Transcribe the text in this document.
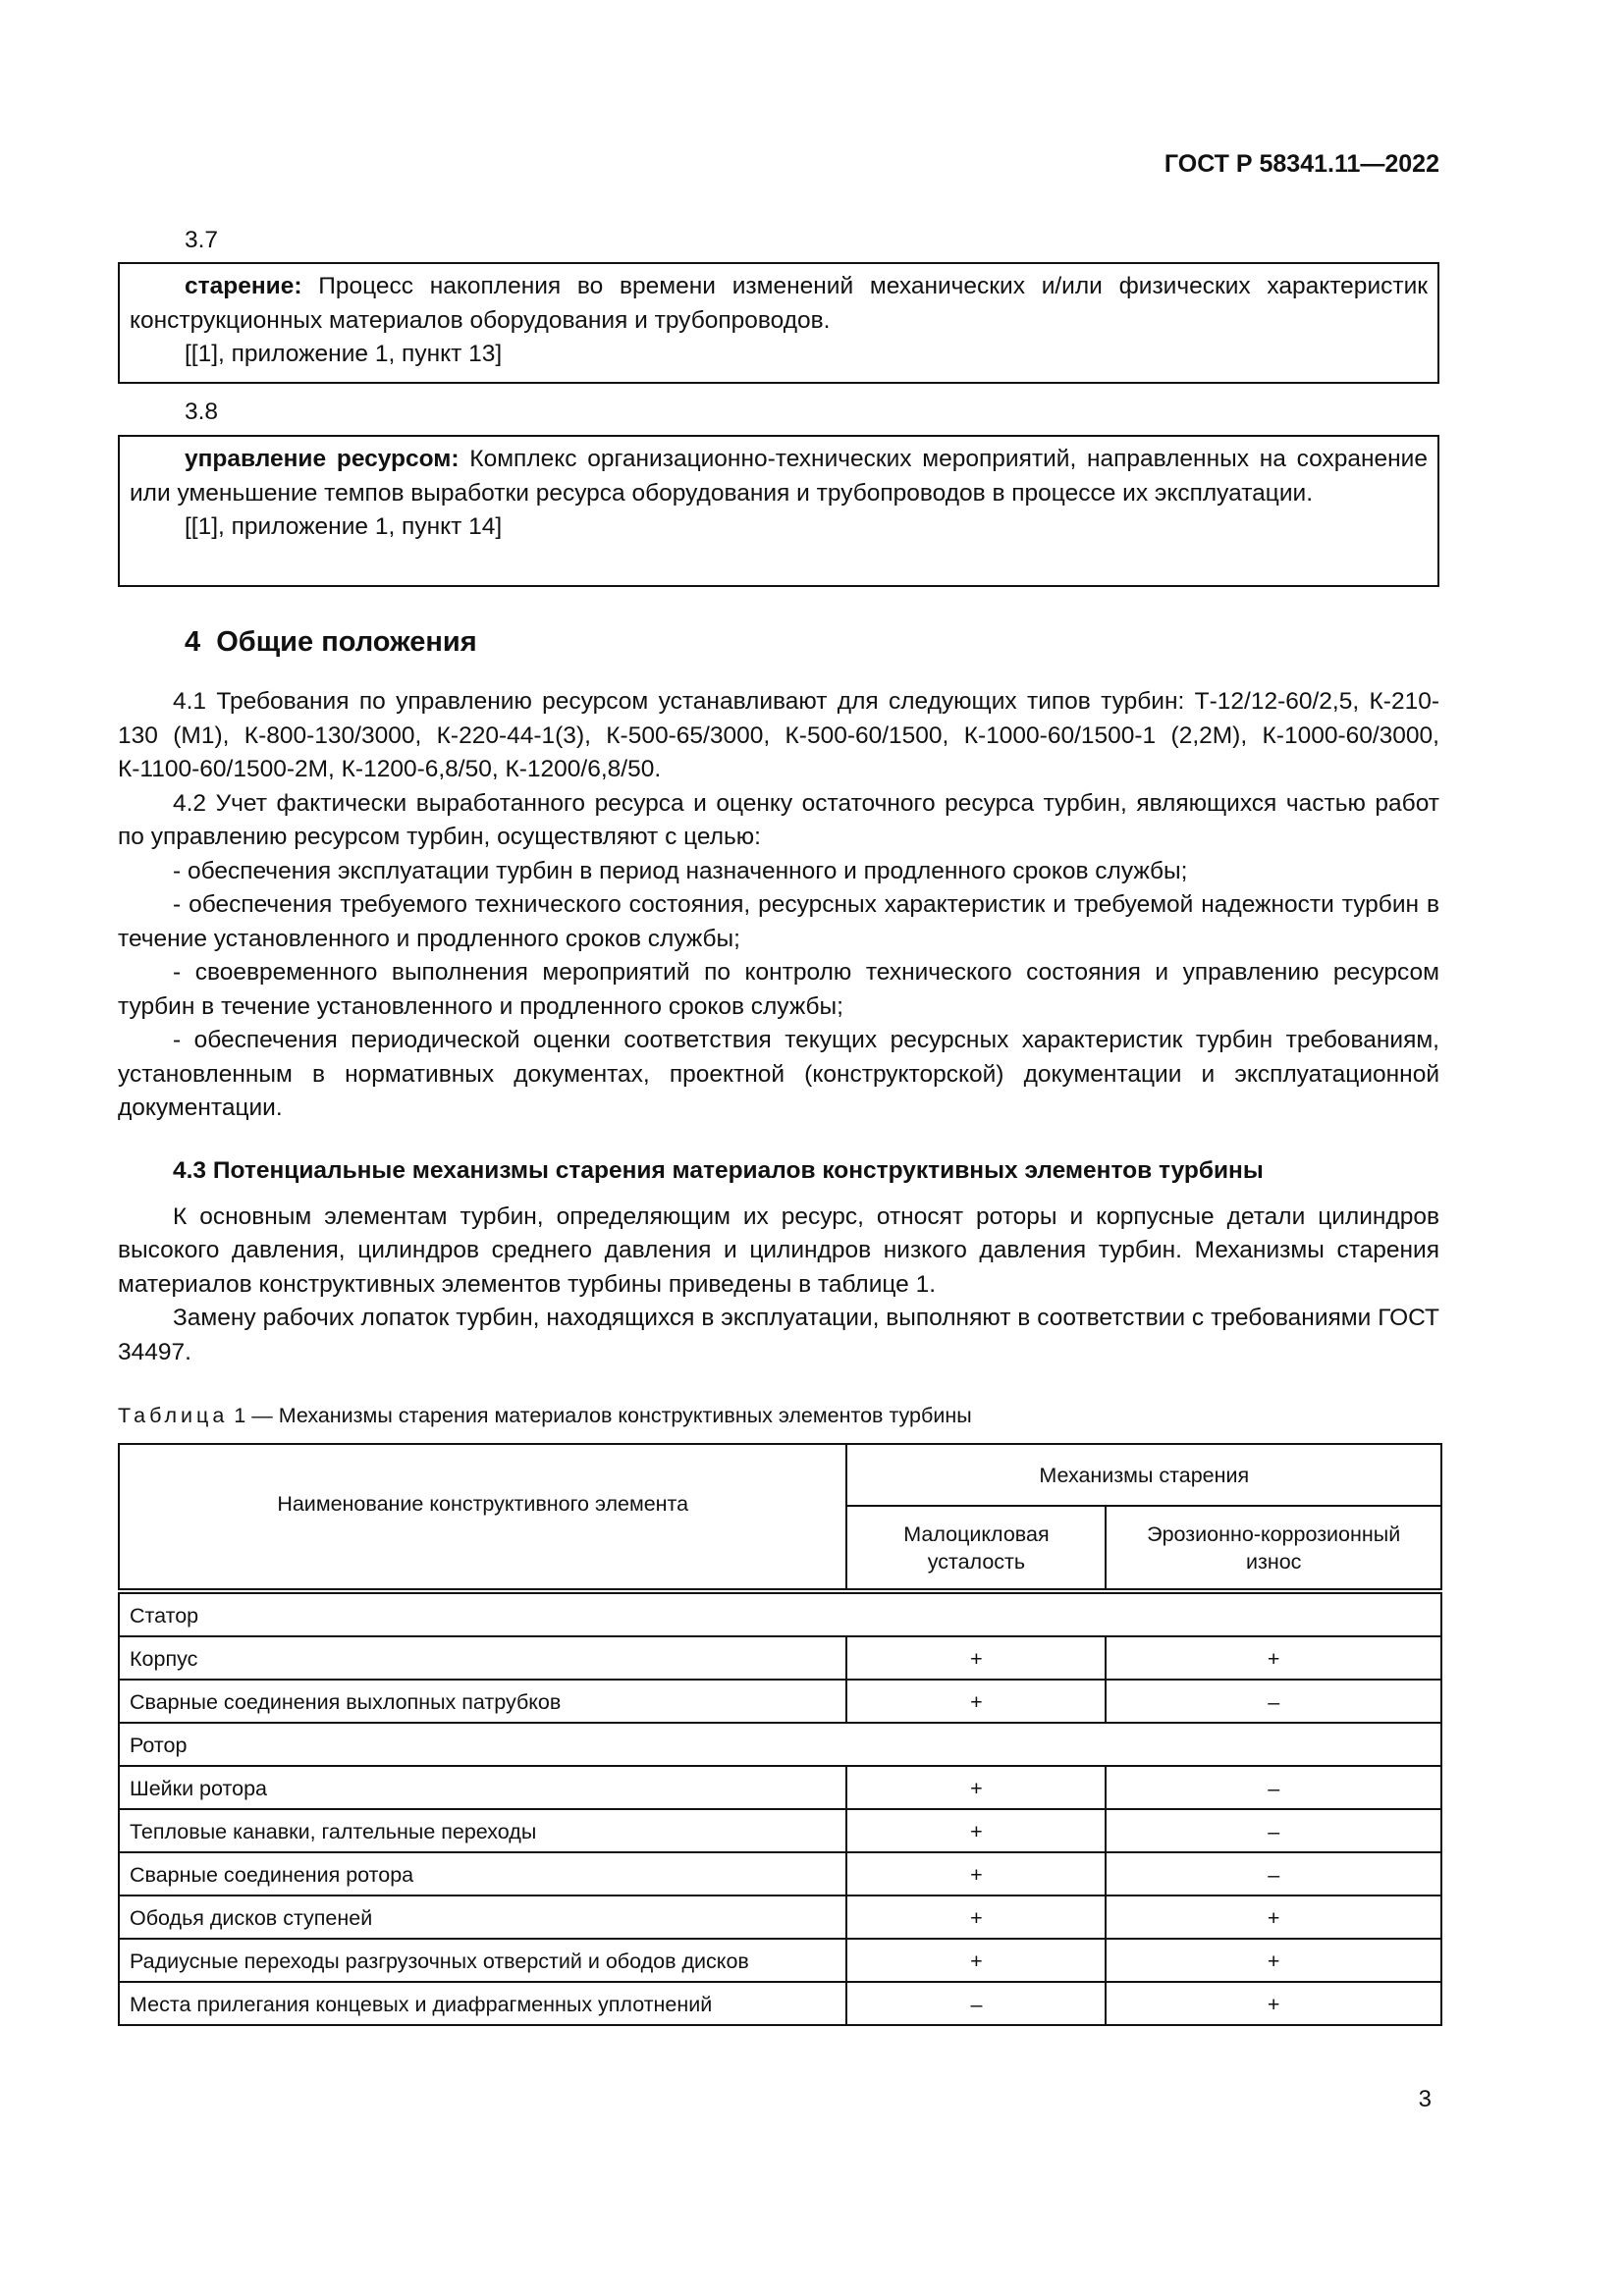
ГОСТ Р 58341.11—2022
3.7

старение: Процесс накопления во времени изменений механических и/или физических характеристик конструкционных материалов оборудования и трубопроводов.

[[1], приложение 1, пункт 13]

3.8

управление ресурсом: Комплекс организационно-технических мероприятий, направленных на сохранение или уменьшение темпов выработки ресурса оборудования и трубопроводов в процессе их эксплуатации.

[[1], приложение 1, пункт 14]

4  Общие положения

4.1 Требования по управлению ресурсом устанавливают для следующих типов турбин: Т-12/12-60/2,5, К-210-130 (М1), К-800-130/3000, К-220-44-1(3), К-500-65/3000, К-500-60/1500, К-1000-60/1500-1 (2,2М), К-1000-60/3000, К-1100-60/1500-2М, К-1200-6,8/50, К-1200/6,8/50.

4.2 Учет фактически выработанного ресурса и оценку остаточного ресурса турбин, являющихся частью работ по управлению ресурсом турбин, осуществляют с целью:

- обеспечения эксплуатации турбин в период назначенного и продленного сроков службы;

- обеспечения требуемого технического состояния, ресурсных характеристик и требуемой надежности турбин в течение установленного и продленного сроков службы;

- своевременного выполнения мероприятий по контролю технического состояния и управлению ресурсом турбин в течение установленного и продленного сроков службы;

- обеспечения периодической оценки соответствия текущих ресурсных характеристик турбин требованиям, установленным в нормативных документах, проектной (конструкторской) документации и эксплуатационной документации.

4.3 Потенциальные механизмы старения материалов конструктивных элементов турбины

К основным элементам турбин, определяющим их ресурс, относят роторы и корпусные детали цилиндров высокого давления, цилиндров среднего давления и цилиндров низкого давления турбин. Механизмы старения материалов конструктивных элементов турбины приведены в таблице 1.

Замену рабочих лопаток турбин, находящихся в эксплуатации, выполняют в соответствии с требованиями ГОСТ 34497.

Таблица 1 — Механизмы старения материалов конструктивных элементов турбины
Наименование конструктивного элемента	Механизмы старения	
	Малоцикловая усталость	Эрозионно-коррозионный износ
Статор		
Корпус	+	+
Сварные соединения выхлопных патрубков	+	–
Ротор		
Шейки ротора	+	–
Тепловые канавки, галтельные переходы	+	–
Сварные соединения ротора	+	–
Ободья дисков ступеней	+	+
Радиусные переходы разгрузочных отверстий и ободов дисков	+	+
Места прилегания концевых и диафрагменных уплотнений	–	+
3
